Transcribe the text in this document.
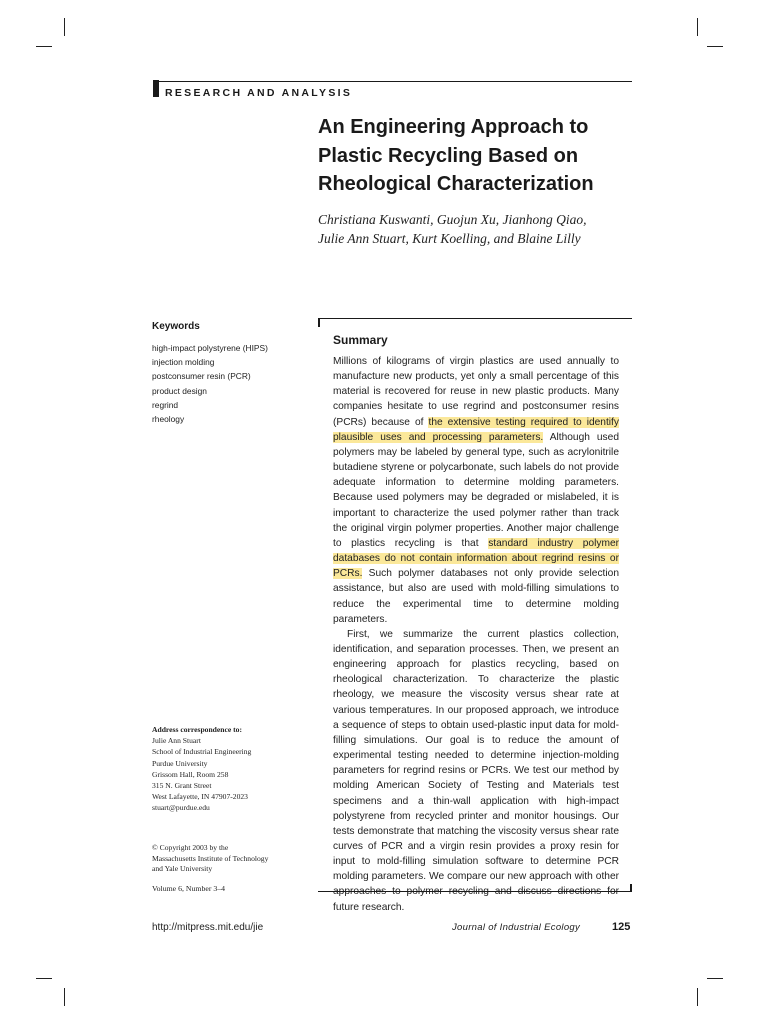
RESEARCH AND ANALYSIS
An Engineering Approach to
Plastic Recycling Based on
Rheological Characterization
Christiana Kuswanti, Guojun Xu, Jianhong Qiao,
Julie Ann Stuart, Kurt Koelling, and Blaine Lilly
Keywords
high-impact polystyrene (HIPS)
injection molding
postconsumer resin (PCR)
product design
regrind
rheology
Summary

Millions of kilograms of virgin plastics are used annually to manufacture new products, yet only a small percentage of this material is recovered for reuse in new plastic products. Many companies hesitate to use regrind and postconsumer resins (PCRs) because of the extensive testing required to identify plausible uses and processing parameters. Although used polymers may be labeled by general type, such as acrylonitrile butadiene styrene or polycarbonate, such labels do not provide adequate information to determine molding parameters. Because used polymers may be degraded or mislabeled, it is important to characterize the used polymer rather than track the original virgin polymer properties. Another major challenge to plastics recycling is that standard industry polymer databases do not contain information about regrind resins or PCRs. Such polymer databases not only provide selection assistance, but also are used with mold-filling simulations to reduce the experimental time to determine molding parameters.

First, we summarize the current plastics collection, identification, and separation processes. Then, we present an engineering approach for plastics recycling, based on rheological characterization. To characterize the plastic rheology, we measure the viscosity versus shear rate at various temperatures. In our proposed approach, we introduce a sequence of steps to obtain used-plastic input data for mold-filling simulations. Our goal is to reduce the amount of experimental testing needed to determine injection-molding parameters for regrind resins or PCRs. We test our method by molding American Society of Testing and Materials test specimens and a thin-wall application with high-impact polystyrene from recycled printer and monitor housings. Our tests demonstrate that matching the viscosity versus shear rate curves of PCR and a virgin resin provides a proxy resin for input to mold-filling simulation software to determine PCR molding parameters. We compare our new approach with other future research.

Address correspondence to:
Julie Ann Stuart
School of Industrial Engineering
Purdue University
Grissom Hall, Room 258
315 N. Grant Street
West Lafayette, IN 47907-2023
stuart@purdue.edu
© Copyright 2003 by the
Massachusetts Institute of Technology
and Yale University
Volume 6, Number 3–4
http://mitpress.mit.edu/jie	Journal of Industrial Ecology	125
